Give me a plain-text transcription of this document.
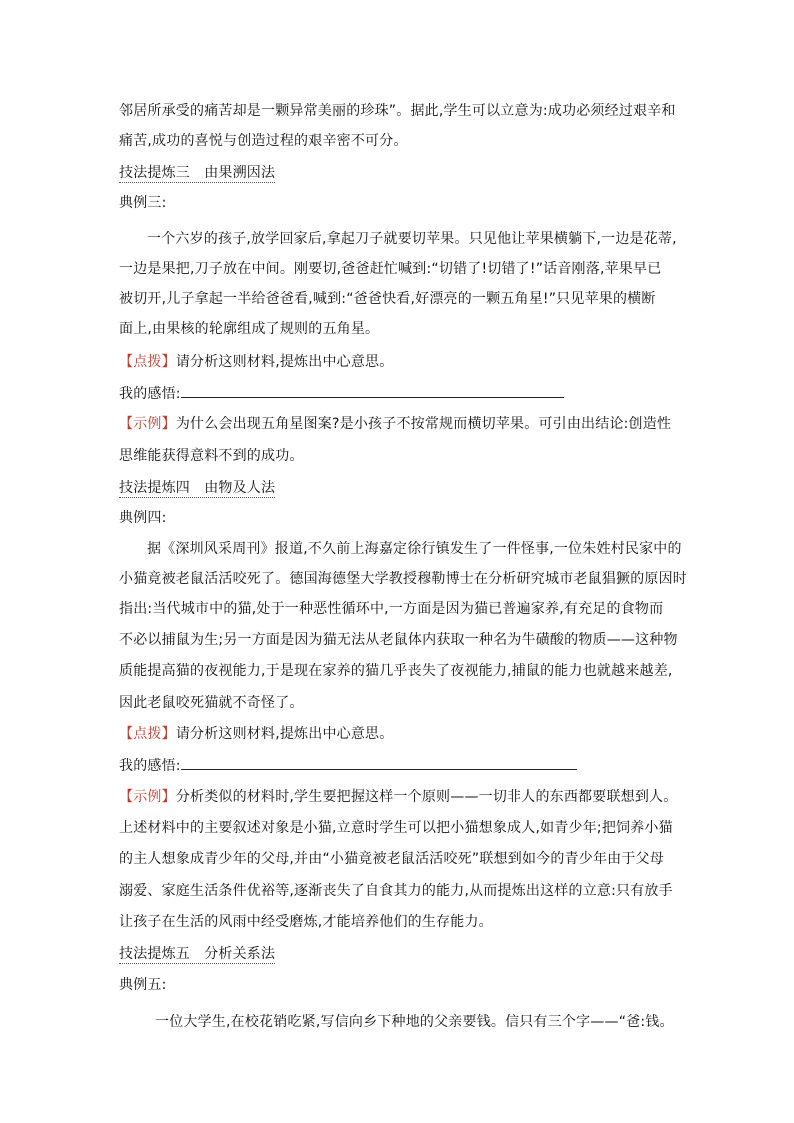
邻居所承受的痛苦却是一颗异常美丽的珍珠”。据此,学生可以立意为:成功必须经过艰辛和
痛苦,成功的喜悦与创造过程的艰辛密不可分。
技法提炼三　由果溯因法
典例三:
一个六岁的孩子,放学回家后,拿起刀子就要切苹果。只见他让苹果横躺下,一边是花蒂,
一边是果把,刀子放在中间。刚要切,爸爸赶忙喊到:“切错了!切错了!”话音刚落,苹果早已
被切开,儿子拿起一半给爸爸看,喊到:“爸爸快看,好漂亮的一颗五角星!”只见苹果的横断
面上,由果核的轮廓组成了规则的五角星。
【点拨】请分析这则材料,提炼出中心意思。
我的感悟:
【示例】为什么会出现五角星图案?是小孩子不按常规而横切苹果。可引由出结论:创造性
思维能获得意料不到的成功。
技法提炼四　由物及人法
典例四:
据《深圳风采周刊》报道,不久前上海嘉定徐行镇发生了一件怪事,一位朱姓村民家中的
小猫竟被老鼠活活咬死了。德国海德堡大学教授穆勒博士在分析研究城市老鼠猖獗的原因时
指出:当代城市中的猫,处于一种恶性循环中,一方面是因为猫已普遍家养,有充足的食物而
不必以捕鼠为生;另一方面是因为猫无法从老鼠体内获取一种名为牛磺酸的物质——这种物
质能提高猫的夜视能力,于是现在家养的猫几乎丧失了夜视能力,捕鼠的能力也就越来越差,
因此老鼠咬死猫就不奇怪了。
【点拨】请分析这则材料,提炼出中心意思。
我的感悟:
【示例】分析类似的材料时,学生要把握这样一个原则——一切非人的东西都要联想到人。
上述材料中的主要叙述对象是小猫,立意时学生可以把小猫想象成人,如青少年;把饲养小猫
的主人想象成青少年的父母,并由“小猫竟被老鼠活活咬死”联想到如今的青少年由于父母
溺爱、家庭生活条件优裕等,逐渐丧失了自食其力的能力,从而提炼出这样的立意:只有放手
让孩子在生活的风雨中经受磨炼,才能培养他们的生存能力。
技法提炼五　分析关系法
典例五:
一位大学生,在校花销吃紧,写信向乡下种地的父亲要钱。信只有三个字——“爸:钱。
